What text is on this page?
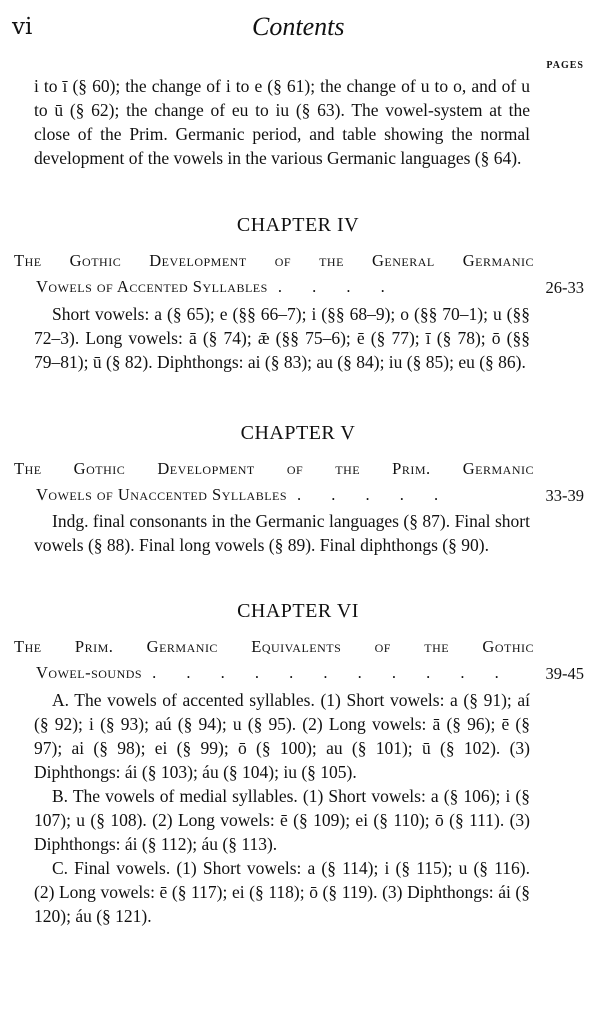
vi	Contents
PAGES
i to ī (§ 60); the change of i to e (§ 61); the change of u to o, and of u to ū (§ 62); the change of eu to iu (§ 63). The vowel-system at the close of the Prim. Germanic period, and table showing the normal development of the vowels in the various Germanic languages (§ 64).
CHAPTER IV
The Gothic Development of the General Germanic
Vowels of Accented Syllables . . . .	26-33

Short vowels: a (§ 65); e (§§ 66–7); i (§§ 68–9); o (§§ 70–1); u (§§ 72–3). Long vowels: ā (§ 74); ǣ (§§ 75–6); ē (§ 77); ī (§ 78); ō (§§ 79–81); ū (§ 82). Diphthongs: ai (§ 83); au (§ 84); iu (§ 85); eu (§ 86).

CHAPTER V
The Gothic Development of the Prim. Germanic
Vowels of Unaccented Syllables . . . . .	33-39

Indg. final consonants in the Germanic languages (§ 87). Final short vowels (§ 88). Final long vowels (§ 89). Final diphthongs (§ 90).

CHAPTER VI
The Prim. Germanic Equivalents of the Gothic
Vowel-sounds . . . . . . . . . . .	39-45

A. The vowels of accented syllables. (1) Short vowels: a (§ 91); aí (§ 92); i (§ 93); aú (§ 94); u (§ 95). (2) Long vowels: ā (§ 96); ē (§ 97); ai (§ 98); ei (§ 99); ō (§ 100); au (§ 101); ū (§ 102). (3) Diphthongs: ái (§ 103); áu (§ 104); iu (§ 105).

B. The vowels of medial syllables. (1) Short vowels: a (§ 106); i (§ 107); u (§ 108). (2) Long vowels: ē (§ 109); ei (§ 110); ō (§ 111). (3) Diphthongs: ái (§ 112); áu (§ 113).

C. Final vowels. (1) Short vowels: a (§ 114); i (§ 115); u (§ 116). (2) Long vowels: ē (§ 117); ei (§ 118); ō (§ 119). (3) Diphthongs: ái (§ 120); áu (§ 121).
